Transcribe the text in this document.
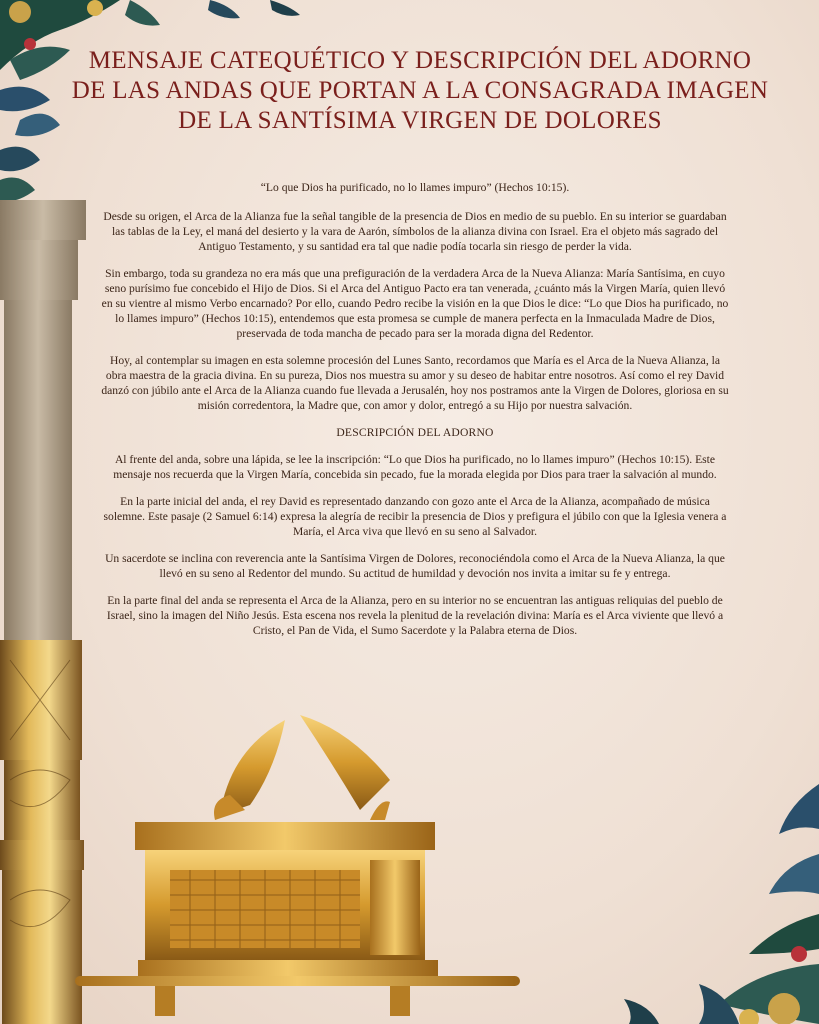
MENSAJE CATEQUÉTICO Y DESCRIPCIÓN DEL ADORNO
DE LAS ANDAS QUE PORTAN A LA CONSAGRADA IMAGEN
DE LA SANTÍSIMA VIRGEN DE DOLORES

“Lo que Dios ha purificado, no lo llames impuro” (Hechos 10:15).

Desde su origen, el Arca de la Alianza fue la señal tangible de la presencia de Dios en medio de su pueblo. En su interior se guardaban las tablas de la Ley, el maná del desierto y la vara de Aarón, símbolos de la alianza divina con Israel. Era el objeto más sagrado del Antiguo Testamento, y su santidad era tal que nadie podía tocarla sin riesgo de perder la vida.

Sin embargo, toda su grandeza no era más que una prefiguración de la verdadera Arca de la Nueva Alianza: María Santísima, en cuyo seno purísimo fue concebido el Hijo de Dios. Si el Arca del Antiguo Pacto era tan venerada, ¿cuánto más la Virgen María, quien llevó en su vientre al mismo Verbo encarnado? Por ello, cuando Pedro recibe la visión en la que Dios le dice: “Lo que Dios ha purificado, no lo llames impuro” (Hechos 10:15), entendemos que esta promesa se cumple de manera perfecta en la Inmaculada Madre de Dios, preservada de toda mancha de pecado para ser la morada digna del Redentor.

Hoy, al contemplar su imagen en esta solemne procesión del Lunes Santo, recordamos que María es el Arca de la Nueva Alianza, la obra maestra de la gracia divina. En su pureza, Dios nos muestra su amor y su deseo de habitar entre nosotros. Así como el rey David danzó con júbilo ante el Arca de la Alianza cuando fue llevada a Jerusalén, hoy nos postramos ante la Virgen de Dolores, gloriosa en su misión corredentora, la Madre que, con amor y dolor, entregó a su Hijo por nuestra salvación.

DESCRIPCIÓN DEL ADORNO

Al frente del anda, sobre una lápida, se lee la inscripción: “Lo que Dios ha purificado, no lo llames impuro” (Hechos 10:15). Este mensaje nos recuerda que la Virgen María, concebida sin pecado, fue la morada elegida por Dios para traer la salvación al mundo.

En la parte inicial del anda, el rey David es representado danzando con gozo ante el Arca de la Alianza, acompañado de música solemne. Este pasaje (2 Samuel 6:14) expresa la alegría de recibir la presencia de Dios y prefigura el júbilo con que la Iglesia venera a María, el Arca viva que llevó en su seno al Salvador.

Un sacerdote se inclina con reverencia ante la Santísima Virgen de Dolores, reconociéndola como el Arca de la Nueva Alianza, la que llevó en su seno al Redentor del mundo. Su actitud de humildad y devoción nos invita a imitar su fe y entrega.

En la parte final del anda se representa el Arca de la Alianza, pero en su interior no se encuentran las antiguas reliquias del pueblo de Israel, sino la imagen del Niño Jesús. Esta escena nos revela la plenitud de la revelación divina: María es el Arca viviente que llevó a Cristo, el Pan de Vida, el Sumo Sacerdote y la Palabra eterna de Dios.
